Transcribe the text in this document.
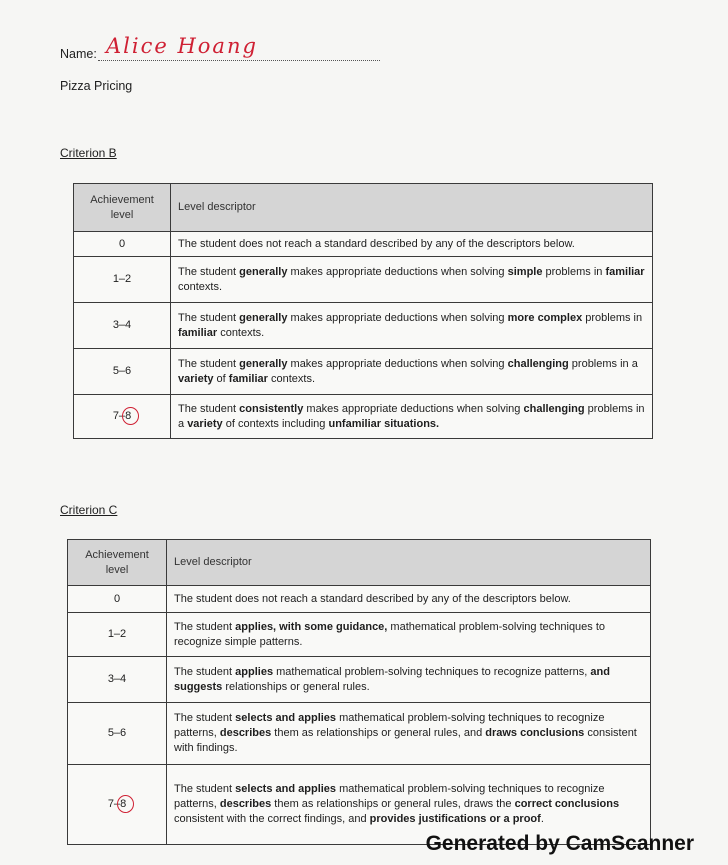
Name: Alice Hoang
Pizza Pricing
Criterion B
Achievement level	Level descriptor
0	The student does not reach a standard described by any of the descriptors below.
1–2	The student generally makes appropriate deductions when solving simple problems in familiar contexts.
3–4	The student generally makes appropriate deductions when solving more complex problems in familiar contexts.
5–6	The student generally makes appropriate deductions when solving challenging problems in a variety of familiar contexts.
7–8	The student consistently makes appropriate deductions when solving challenging problems in a variety of contexts including unfamiliar situations.
Criterion C
Achievement level	Level descriptor
0	The student does not reach a standard described by any of the descriptors below.
1–2	The student applies, with some guidance, mathematical problem-solving techniques to recognize simple patterns.
3–4	The student applies mathematical problem-solving techniques to recognize patterns, and suggests relationships or general rules.
5–6	The student selects and applies mathematical problem-solving techniques to recognize patterns, describes them as relationships or general rules, and draws conclusions consistent with findings.
7–8	The student selects and applies mathematical problem-solving techniques to recognize patterns, describes them as relationships or general rules, draws the correct conclusions consistent with the correct findings, and provides justifications or a proof.
Generated by CamScanner
